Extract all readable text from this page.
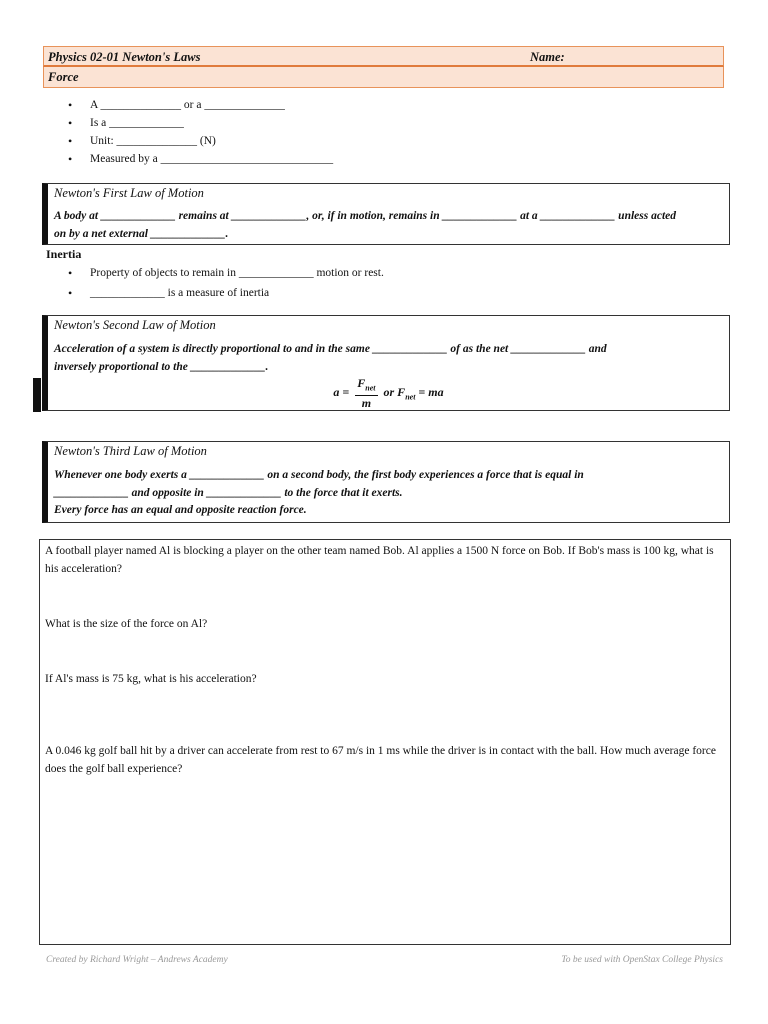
Physics 02-01 Newton's Laws	Name:
Force
• A ______________ or a ______________
• Is a _____________
• Unit: ______________ (N)
• Measured by a ______________________________
Newton's First Law of Motion
A body at _____________ remains at _____________, or, if in motion, remains in _____________ at a _____________ unless acted
on by a net external _____________.
Inertia
• Property of objects to remain in _____________ motion or rest.
• _____________ is a measure of inertia
Newton's Second Law of Motion
Acceleration of a system is directly proportional to and in the same _____________ of as the net _____________ and
inversely proportional to the _____________.
$a = \frac{F_{net}}{m}$ or $F_{net}$ = ma
Newton's Third Law of Motion
Whenever one body exerts a _____________ on a second body, the first body experiences a force that is equal in
_____________ and opposite in _____________ to the force that it exerts.
Every force has an equal and opposite reaction force.
A football player named Al is blocking a player on the other team named Bob. Al applies a 1500 N force on Bob. If Bob's mass is 100 kg, what is his acceleration?
What is the size of the force on Al?
If Al's mass is 75 kg, what is his acceleration?
A 0.046 kg golf ball hit by a driver can accelerate from rest to 67 m/s in 1 ms while the driver is in contact with the ball. How much average force does the golf ball experience?
Created by Richard Wright – Andrews Academy	To be used with OpenStax College Physics
